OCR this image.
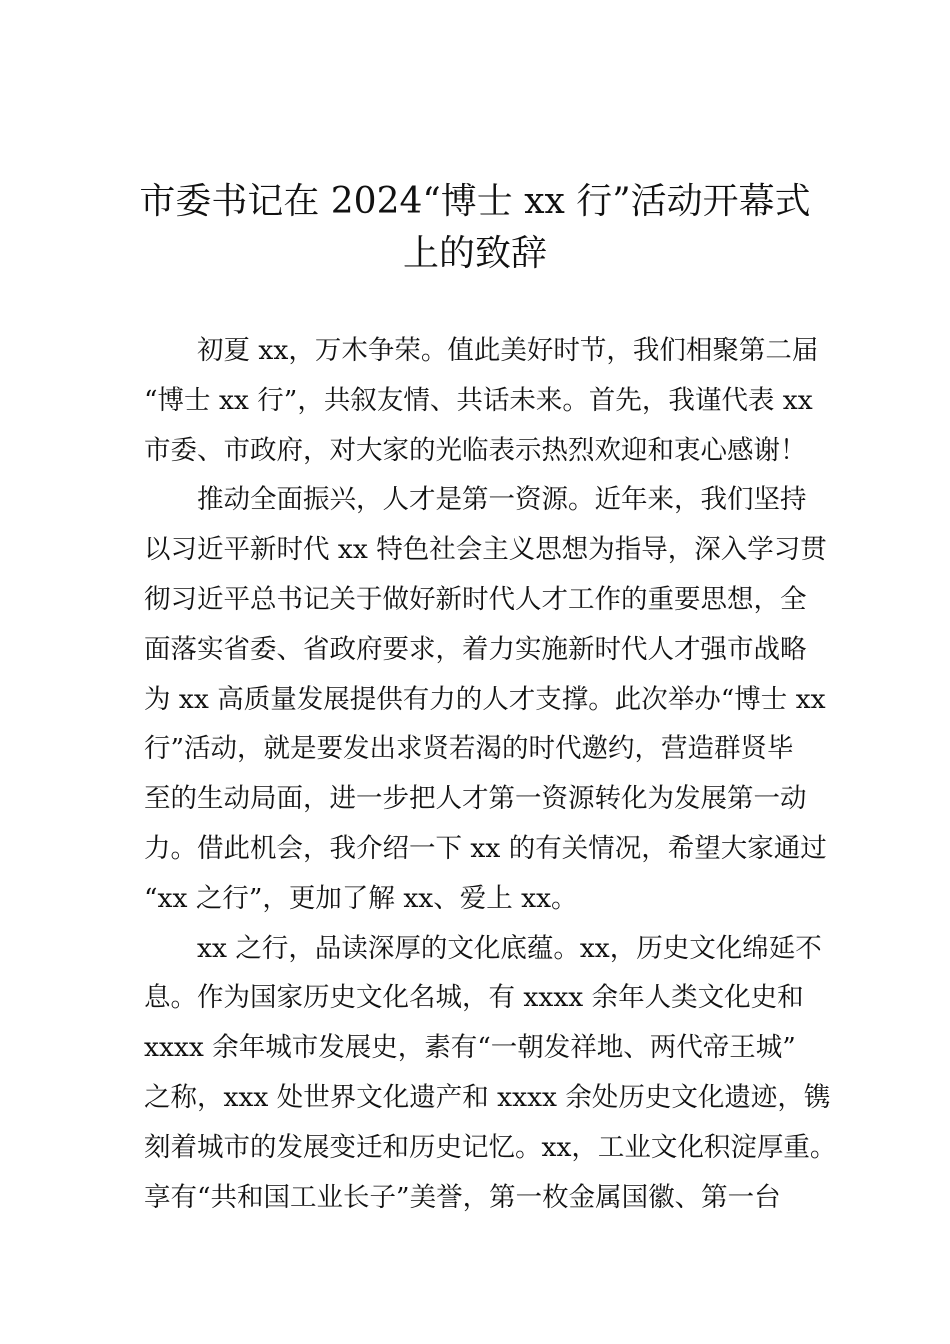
市委书记在 2024“博士 xx 行”活动开幕式
上的致辞
初夏 xx，万木争荣。值此美好时节，我们相聚第二届
“博士 xx 行”，共叙友情、共话未来。首先，我谨代表 xx
市委、市政府，对大家的光临表示热烈欢迎和衷心感谢！
推动全面振兴，人才是第一资源。近年来，我们坚持
以习近平新时代 xx 特色社会主义思想为指导，深入学习贯
彻习近平总书记关于做好新时代人才工作的重要思想，全
面落实省委、省政府要求，着力实施新时代人才强市战略
为 xx 高质量发展提供有力的人才支撑。此次举办“博士 xx
行”活动，就是要发出求贤若渴的时代邀约，营造群贤毕
至的生动局面，进一步把人才第一资源转化为发展第一动
力。借此机会，我介绍一下 xx 的有关情况，希望大家通过
“xx 之行”，更加了解 xx、爱上 xx。
xx 之行，品读深厚的文化底蕴。xx，历史文化绵延不
息。作为国家历史文化名城，有 xxxx 余年人类文化史和
xxxx 余年城市发展史，素有“一朝发祥地、两代帝王城”
之称，xxx 处世界文化遗产和 xxxx 余处历史文化遗迹，镌
刻着城市的发展变迁和历史记忆。xx，工业文化积淀厚重。
享有“共和国工业长子”美誉，第一枚金属国徽、第一台
